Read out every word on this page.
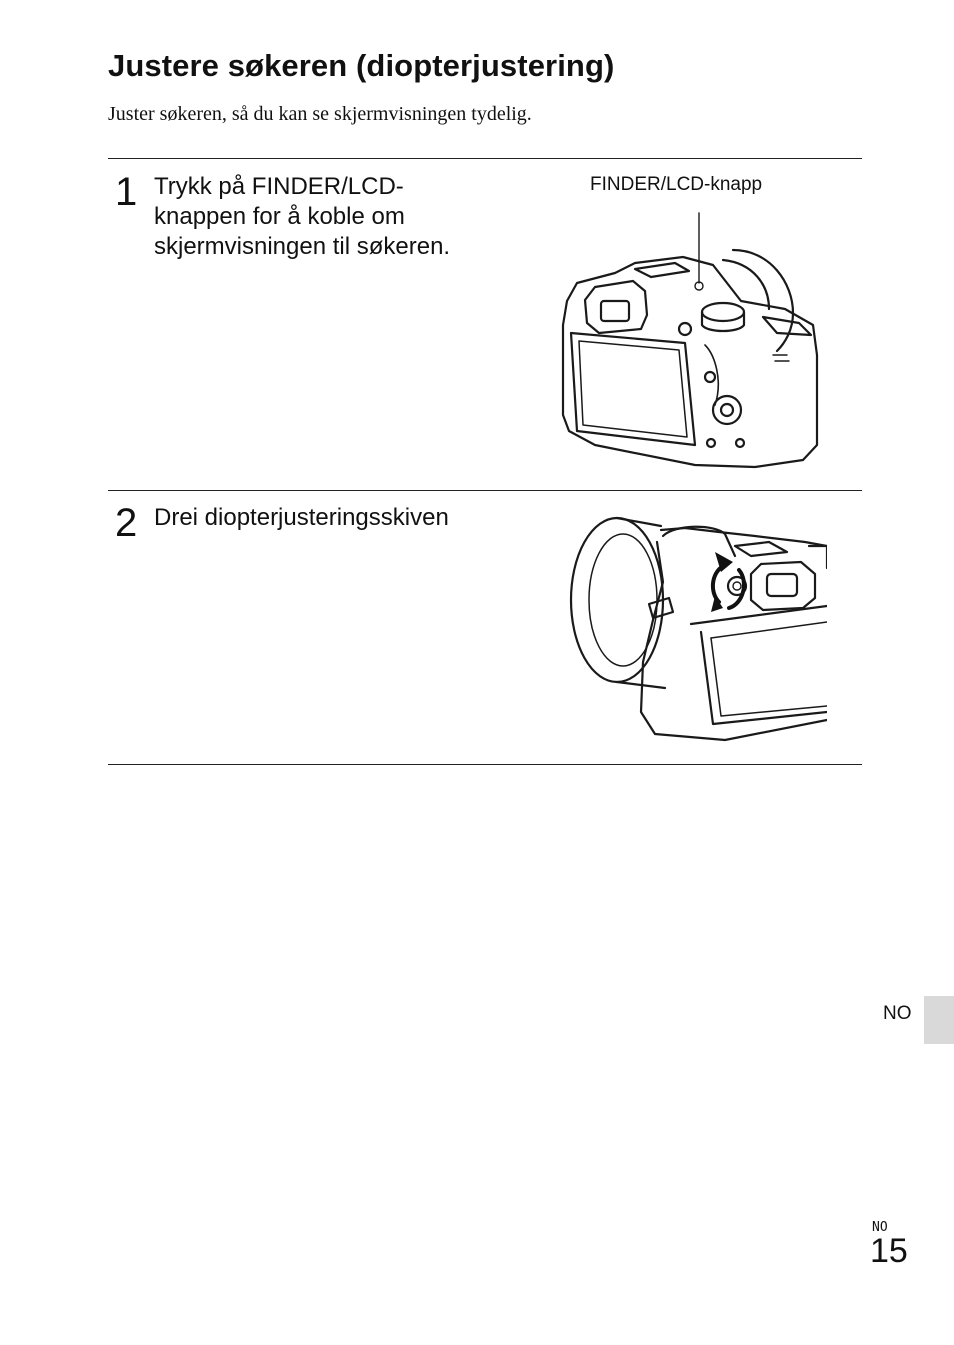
Justere søkeren (diopterjustering)

Juster søkeren, så du kan se skjermvisningen tydelig.

1 Trykk på FINDER/LCD-
knappen for å koble om
skjermvisningen til søkeren.

FINDER/LCD-knapp
2 Drei diopterjusteringsskiven

NO
NO
15
